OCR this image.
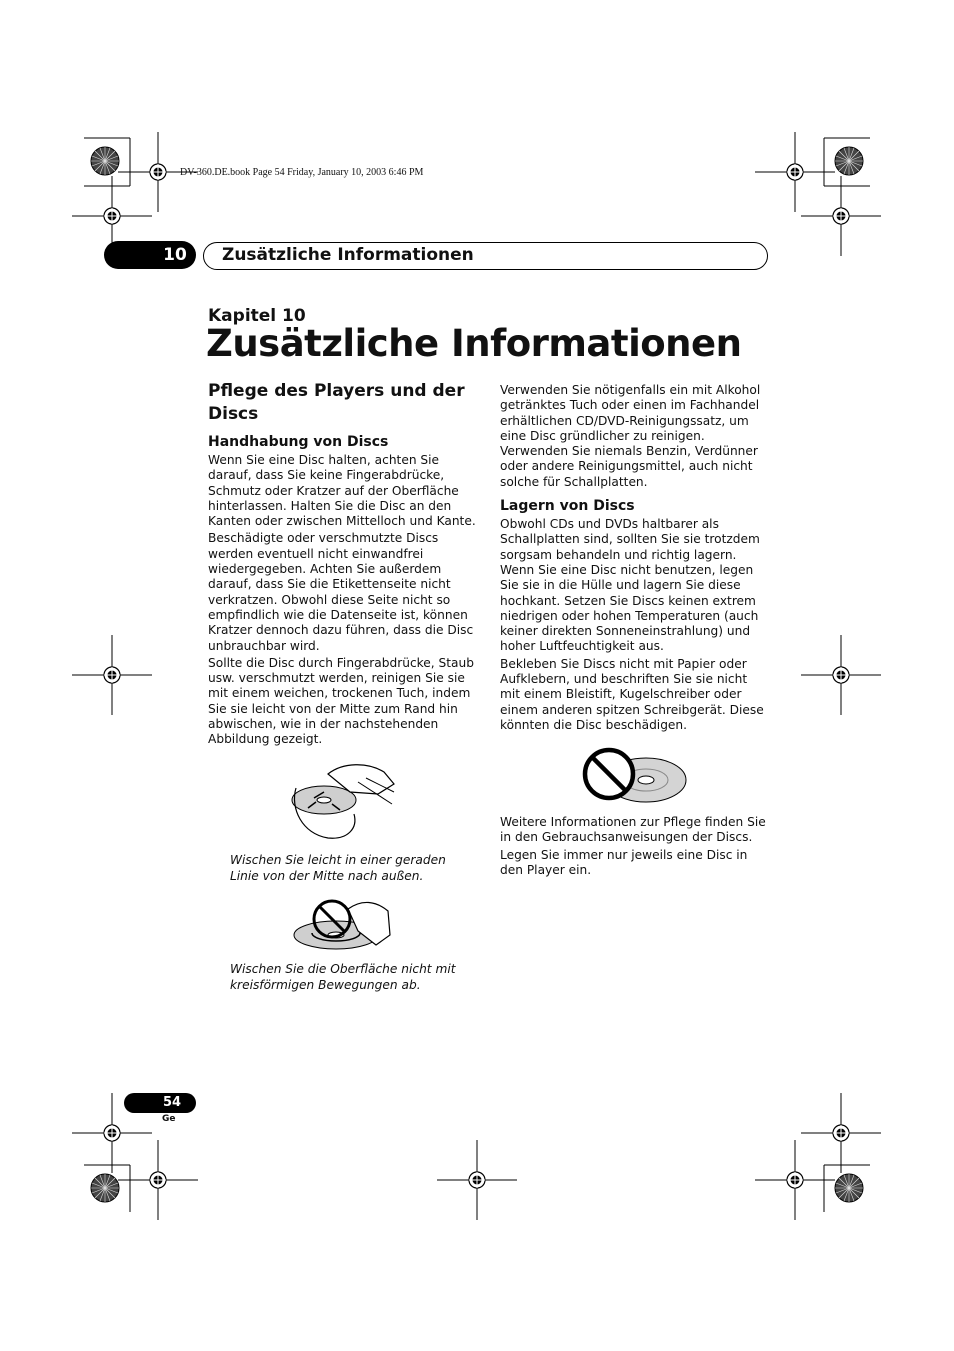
DV-360.DE.book Page 54 Friday, January 10, 2003 6:46 PM
10	Zusätzliche Informationen
Kapitel 10
Zusätzliche Informationen
Pflege des Players und der Discs
Handhabung von Discs

Wenn Sie eine Disc halten, achten Sie darauf, dass Sie keine Fingerabdrücke, Schmutz oder Kratzer auf der Oberfläche hinterlassen. Halten Sie die Disc an den Kanten oder zwischen Mittelloch und Kante.

Beschädigte oder verschmutzte Discs werden eventuell nicht einwandfrei wiedergegeben. Achten Sie außerdem darauf, dass Sie die Etikettenseite nicht verkratzen. Obwohl diese Seite nicht so empfindlich wie die Datenseite ist, können Kratzer dennoch dazu führen, dass die Disc unbrauchbar wird.

Sollte die Disc durch Fingerabdrücke, Staub usw. verschmutzt werden, reinigen Sie sie mit einem weichen, trockenen Tuch, indem Sie sie leicht von der Mitte zum Rand hin abwischen, wie in der nachstehenden Abbildung gezeigt.

Wischen Sie leicht in einer geraden Linie von der Mitte nach außen.
Wischen Sie die Oberfläche nicht mit kreisförmigen Bewegungen ab.

Verwenden Sie nötigenfalls ein mit Alkohol getränktes Tuch oder einen im Fachhandel erhältlichen CD/DVD-Reinigungssatz, um eine Disc gründlicher zu reinigen. Verwenden Sie niemals Benzin, Verdünner oder andere Reinigungsmittel, auch nicht solche für Schallplatten.

Lagern von Discs

Obwohl CDs und DVDs haltbarer als Schallplatten sind, sollten Sie sie trotzdem sorgsam behandeln und richtig lagern. Wenn Sie eine Disc nicht benutzen, legen Sie sie in die Hülle und lagern Sie diese hochkant. Setzen Sie Discs keinen extrem niedrigen oder hohen Temperaturen (auch keiner direkten Sonneneinstrahlung) und hoher Luftfeuchtigkeit aus.

Bekleben Sie Discs nicht mit Papier oder Aufklebern, und beschriften Sie sie nicht mit einem Bleistift, Kugelschreiber oder einem anderen spitzen Schreibgerät. Diese könnten die Disc beschädigen.

Weitere Informationen zur Pflege finden Sie in den Gebrauchsanweisungen der Discs.

Legen Sie immer nur jeweils eine Disc in den Player ein.

54
Ge
